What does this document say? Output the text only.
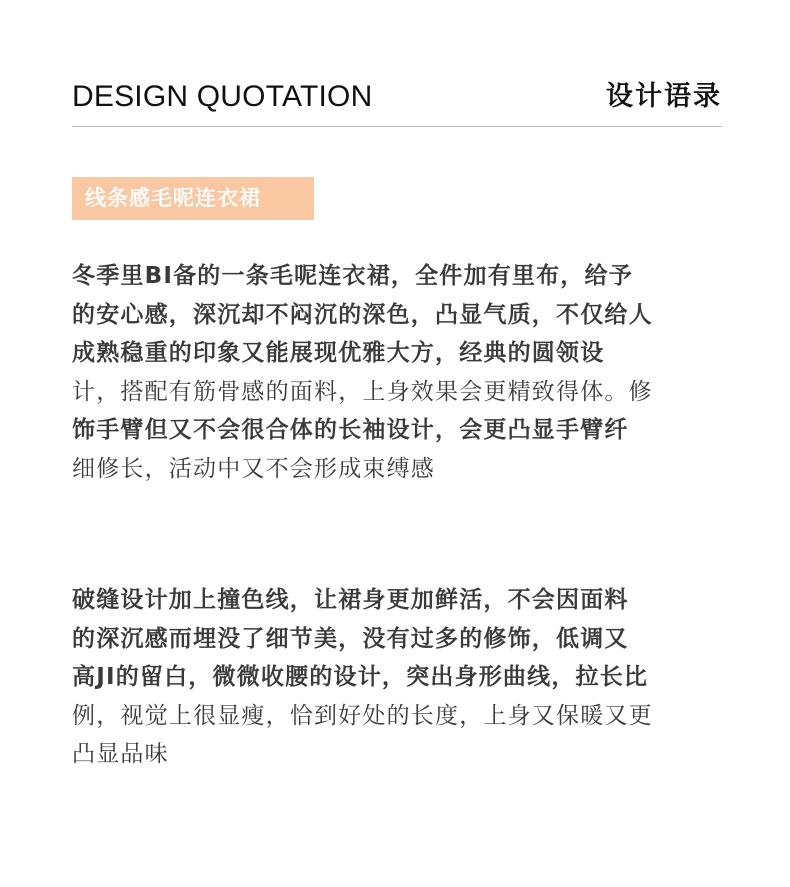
DESIGN QUOTATION	设计语录
线条感毛呢连衣裙

冬季里BI备的一条毛呢连衣裙，全件加有里布，给予
的安心感，深沉却不闷沉的深色，凸显气质，不仅给人
成熟稳重的印象又能展现优雅大方，经典的圆领设
计，搭配有筋骨感的面料，上身效果会更精致得体。修
饰手臂但又不会很合体的长袖设计，会更凸显手臂纤
细修长，活动中又不会形成束缚感

破缝设计加上撞色线，让裙身更加鲜活，不会因面料
的深沉感而埋没了细节美，没有过多的修饰，低调又
高JI的留白，微微收腰的设计，突出身形曲线，拉长比
例，视觉上很显瘦，恰到好处的长度，上身又保暖又更
凸显品味
